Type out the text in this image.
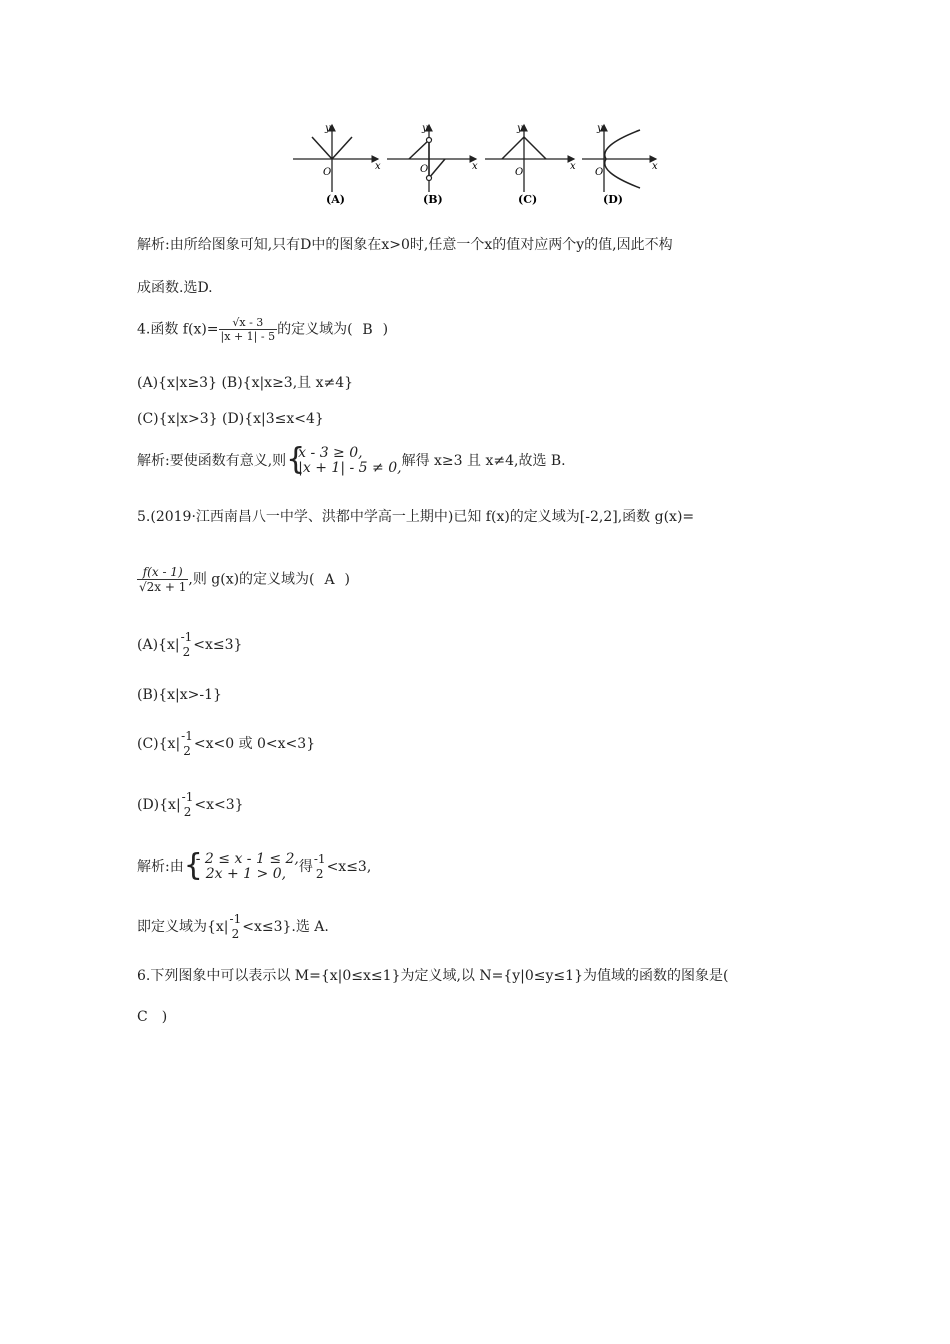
O
y
x
(A)
O
y
x
(B)
O
y
x
(C)
O
y
x
(D)
解析:由所给图象可知,只有D中的图象在x>0时,任意一个x的值对应两个y的值,因此不构
成函数.选D.
4.函数 $f(x)= \frac{√x - 3}{|x + 1| - 5}$ 的定义域为( B )
(A){x|x≥3} (B){x|x≥3,且 x≠4}
(C){x|x>3} (D){x|3≤x<4}
解析:要使函数有意义,则 {
x - 3 ≥ 0,
|x + 1| - 5 ≠ 0, 解得 x≥3 且 x≠4,故选 B.
5.(2019·江西南昌八一中学、洪都中学高一上期中)已知 f(x)的定义域为[-2,2],函数 g(x)=
$\frac{f(x - 1)}{√2x + 1}$ ,则 g(x)的定义域为( A )
(A){x| -1
2 <x≤3}
(B){x|x>-1}
(C){x| -1
2 <x<0 或 0<x<3}
(D){x| -1
2 <x<3}
解析:由 {
- 2 ≤ x - 1 ≤ 2,
2x + 1 > 0, 得 -1
2 <x≤3,
即定义域为{x| -1
2 <x≤3}.选 A.
6.下列图象中可以表示以 M={x|0≤x≤1}为定义域,以 N={y|0≤y≤1}为值域的函数的图象是(
C )
